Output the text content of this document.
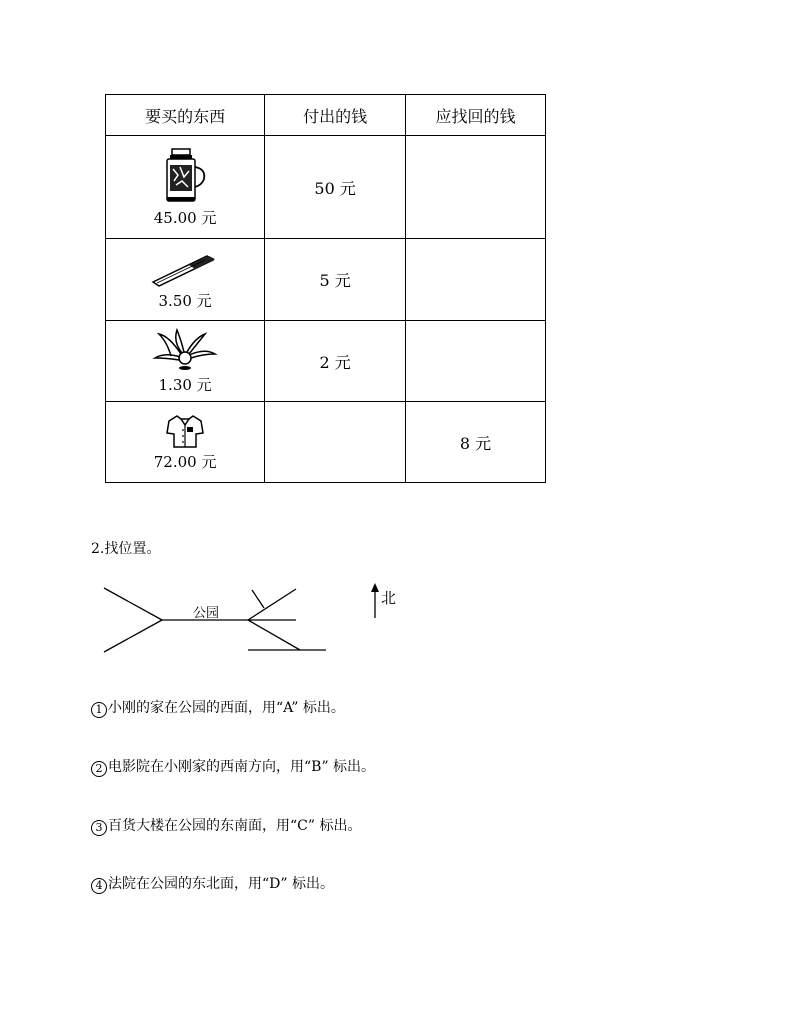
要买的东西	付出的钱	应找回的钱

45.00 元	50 元	

3.50 元	5 元	

1.30 元	2 元	

72.00 元		8 元
2.找位置。
公园
北
1 小刚的家在公园的西面，用“A” 标出。
2 电影院在小刚家的西南方向，用“B” 标出。
3 百货大楼在公园的东南面，用“C” 标出。
4 法院在公园的东北面，用“D” 标出。
